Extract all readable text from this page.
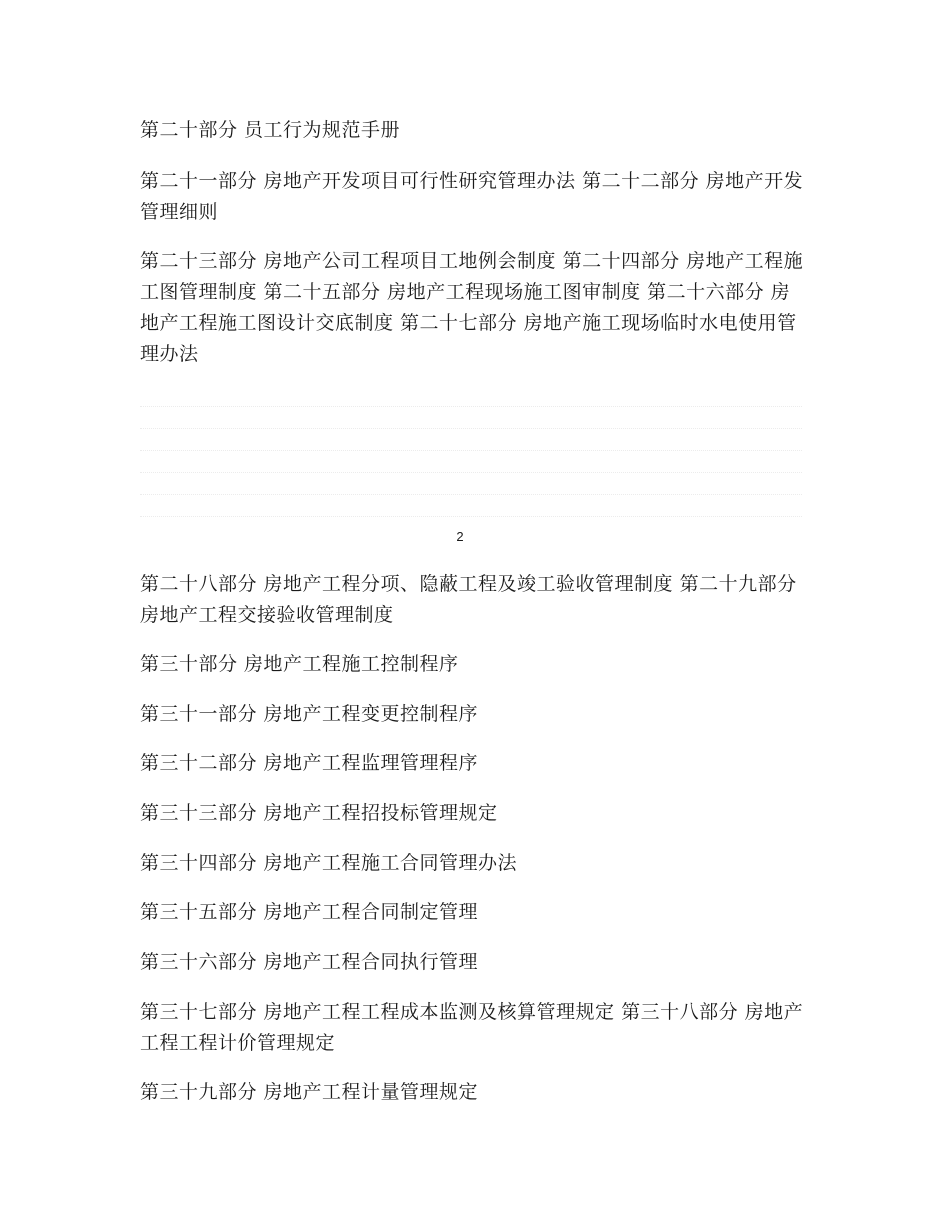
第二十部分 员工行为规范手册

第二十一部分 房地产开发项目可行性研究管理办法 第二十二部分 房地产开发管理细则

第二十三部分 房地产公司工程项目工地例会制度 第二十四部分 房地产工程施工图管理制度 第二十五部分 房地产工程现场施工图审制度 第二十六部分 房地产工程施工图设计交底制度 第二十七部分 房地产施工现场临时水电使用管理办法

2

第二十八部分 房地产工程分项、隐蔽工程及竣工验收管理制度 第二十九部分 房地产工程交接验收管理制度

第三十部分 房地产工程施工控制程序

第三十一部分 房地产工程变更控制程序

第三十二部分 房地产工程监理管理程序

第三十三部分 房地产工程招投标管理规定

第三十四部分 房地产工程施工合同管理办法

第三十五部分 房地产工程合同制定管理

第三十六部分 房地产工程合同执行管理

第三十七部分 房地产工程工程成本监测及核算管理规定 第三十八部分 房地产工程工程计价管理规定

第三十九部分 房地产工程计量管理规定
